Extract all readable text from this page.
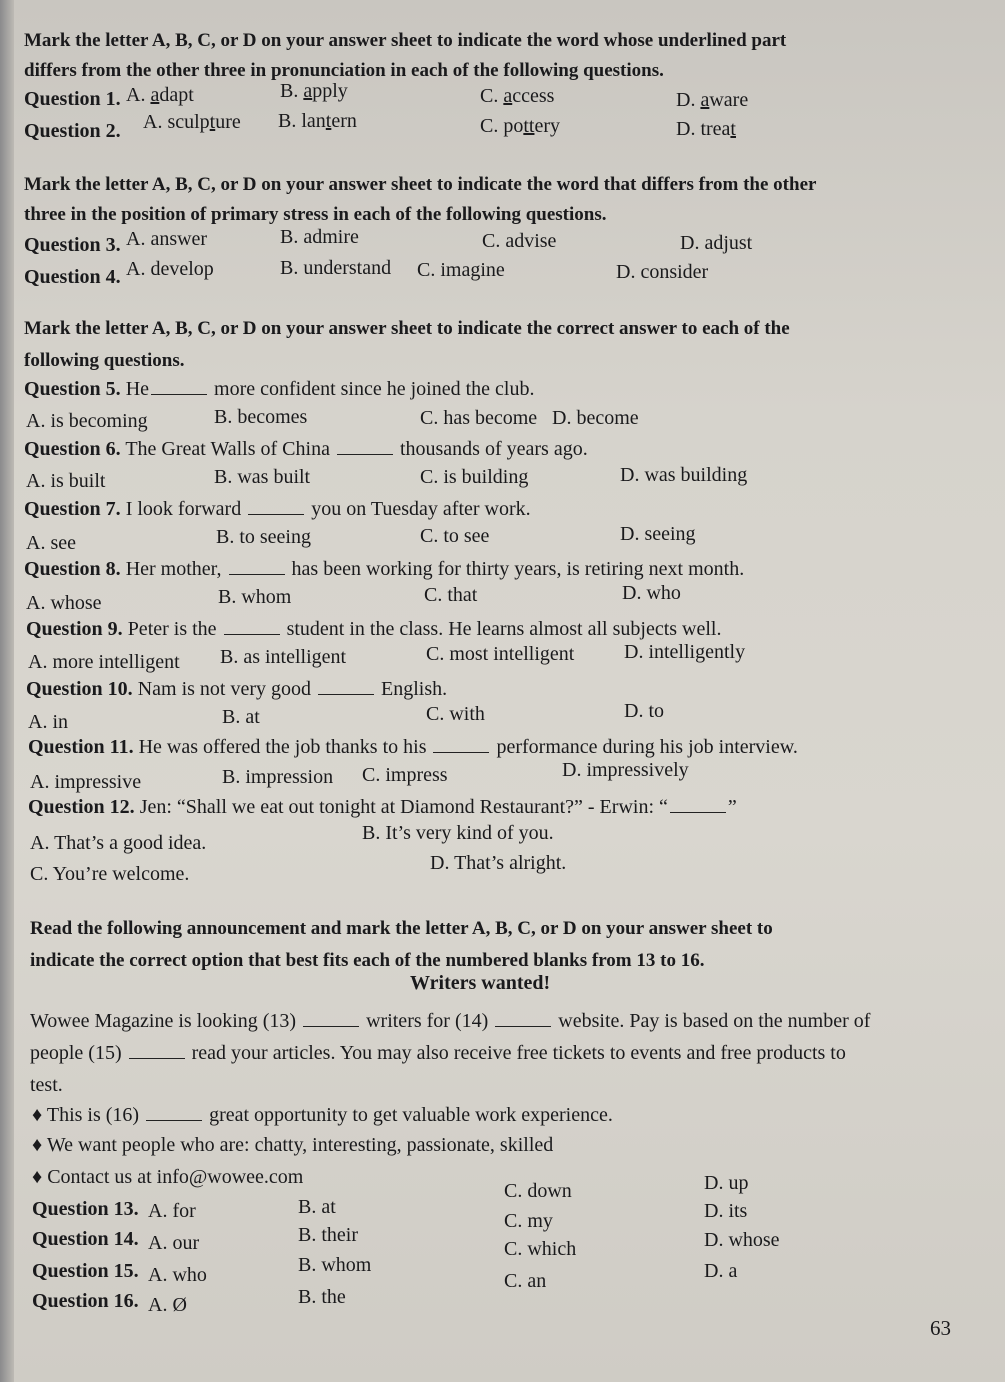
Mark the letter A, B, C, or D on your answer sheet to indicate the word whose underlined part
differs from the other three in pronunciation in each of the following questions.
Question 1. A. adapt	B. apply	C. access	D. aware
Question 2. A. sculpture B. lantern	C. pottery	D. treat
Mark the letter A, B, C, or D on your answer sheet to indicate the word that differs from the other
three in the position of primary stress in each of the following questions.
Question 3. A. answer	B. admire	C. advise	D. adjust
Question 4. A. develop	B. understand C. imagine	D. consider
Mark the letter A, B, C, or D on your answer sheet to indicate the correct answer to each of the
following questions.
Question 5. He	more confident since he joined the club.
A. is becoming	B. becomes	C. has become D. become
Question 6. The Great Walls of China	thousands of years ago.
A. is built	B. was built	C. is building	D. was building
Question 7. I look forward	you on Tuesday after work.
A. see	B. to seeing	C. to see	D. seeing
Question 8. Her mother,	has been working for thirty years, is retiring next month.
A. whose	B. whom	C. that	D. who
Question 9. Peter is the	student in the class. He learns almost all subjects well.
A. more intelligent B. as intelligent	C. most intelligent D. intelligently
Question 10. Nam is not very good	English.
A. in	B. at	C. with	D. to
Question 11. He was offered the job thanks to his	performance during his job interview.
A. impressive	B. impression C. impress	D. impressively
Question 12. Jen: “Shall we eat out tonight at Diamond Restaurant?” - Erwin: “	”
A. That’s a good idea.	B. It’s very kind of you.
C. You’re welcome.	D. That’s alright.
Read the following announcement and mark the letter A, B, C, or D on your answer sheet to
indicate the correct option that best fits each of the numbered blanks from 13 to 16.
Writers wanted!
Wowee Magazine is looking (13)	writers for (14)	website. Pay is based on the number of
people (15)	read your articles. You may also receive free tickets to events and free products to
test.
♦ This is (16)	great opportunity to get valuable work experience.
♦ We want people who are: chatty, interesting, passionate, skilled
♦ Contact us at info@wowee.com
Question 13. A. for	B. at
C. down	D. up
Question 14. A. our	B. their
C. my	D. its
Question 15. A. who	B. whom
C. which	D. whose
Question 16. A. Ø	B. the
C. an	D. a
63
